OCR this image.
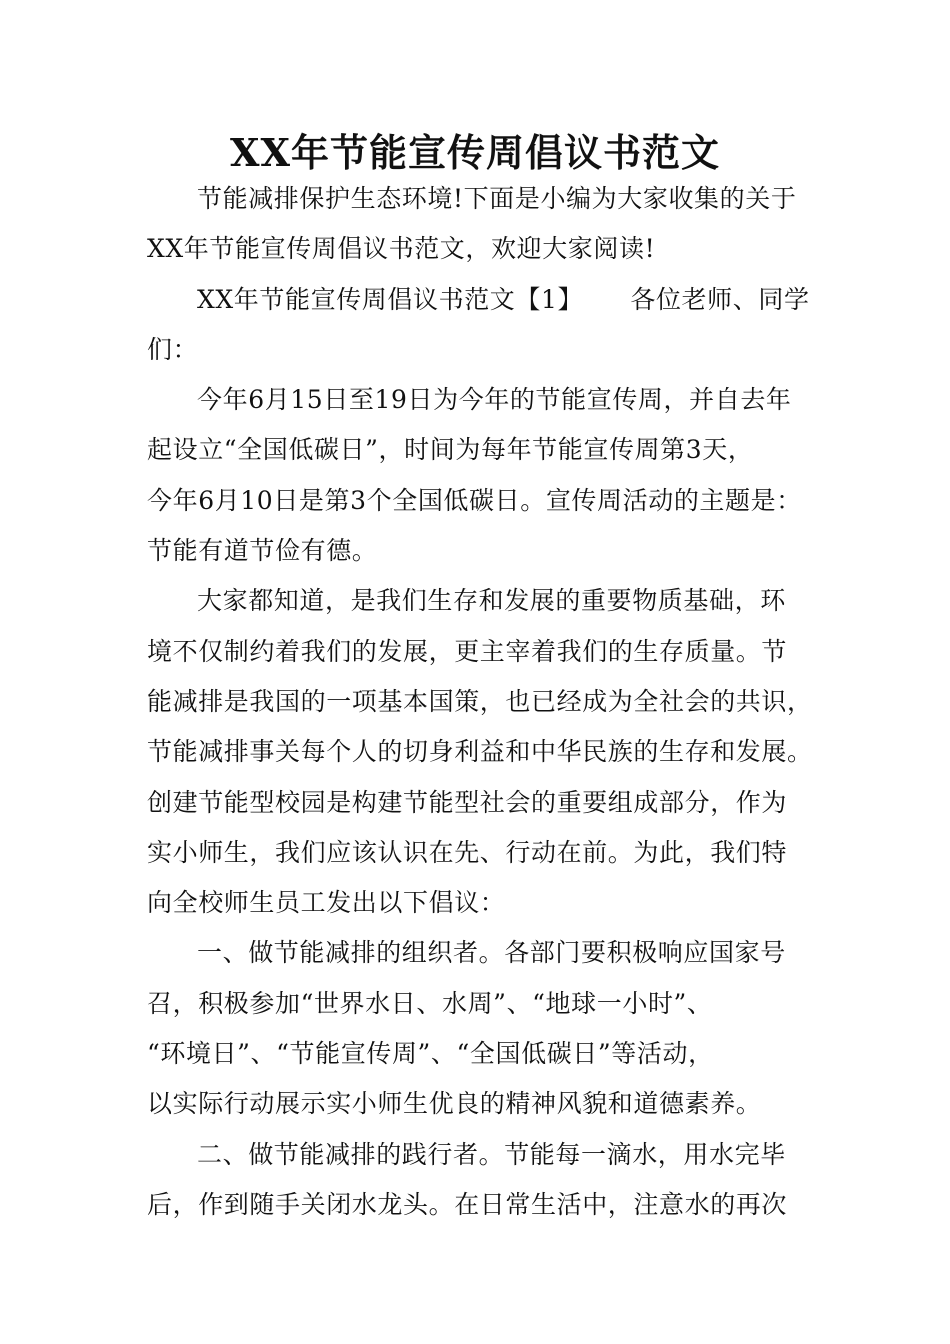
XX年节能宣传周倡议书范文
节能减排保护生态环境!下面是小编为大家收集的关于
XX年节能宣传周倡议书范文，欢迎大家阅读!
XX年节能宣传周倡议书范文【1】　　 各位老师、同学
们：
今年6月15日至19日为今年的节能宣传周，并自去年
起设立“全国低碳日”，时间为每年节能宣传周第3天，
今年6月10日是第3个全国低碳日。宣传周活动的主题是：
节能有道节俭有德。
大家都知道，是我们生存和发展的重要物质基础，环
境不仅制约着我们的发展，更主宰着我们的生存质量。节
能减排是我国的一项基本国策，也已经成为全社会的共识，
节能减排事关每个人的切身利益和中华民族的生存和发展。
创建节能型校园是构建节能型社会的重要组成部分，作为
实小师生，我们应该认识在先、行动在前。为此，我们特
向全校师生员工发出以下倡议：
一、做节能减排的组织者。各部门要积极响应国家号
召，积极参加“世界水日、水周”、“地球一小时”、
“环境日”、“节能宣传周”、“全国低碳日”等活动，
以实际行动展示实小师生优良的精神风貌和道德素养。
二、做节能减排的践行者。节能每一滴水，用水完毕
后，作到随手关闭水龙头。在日常生活中，注意水的再次
